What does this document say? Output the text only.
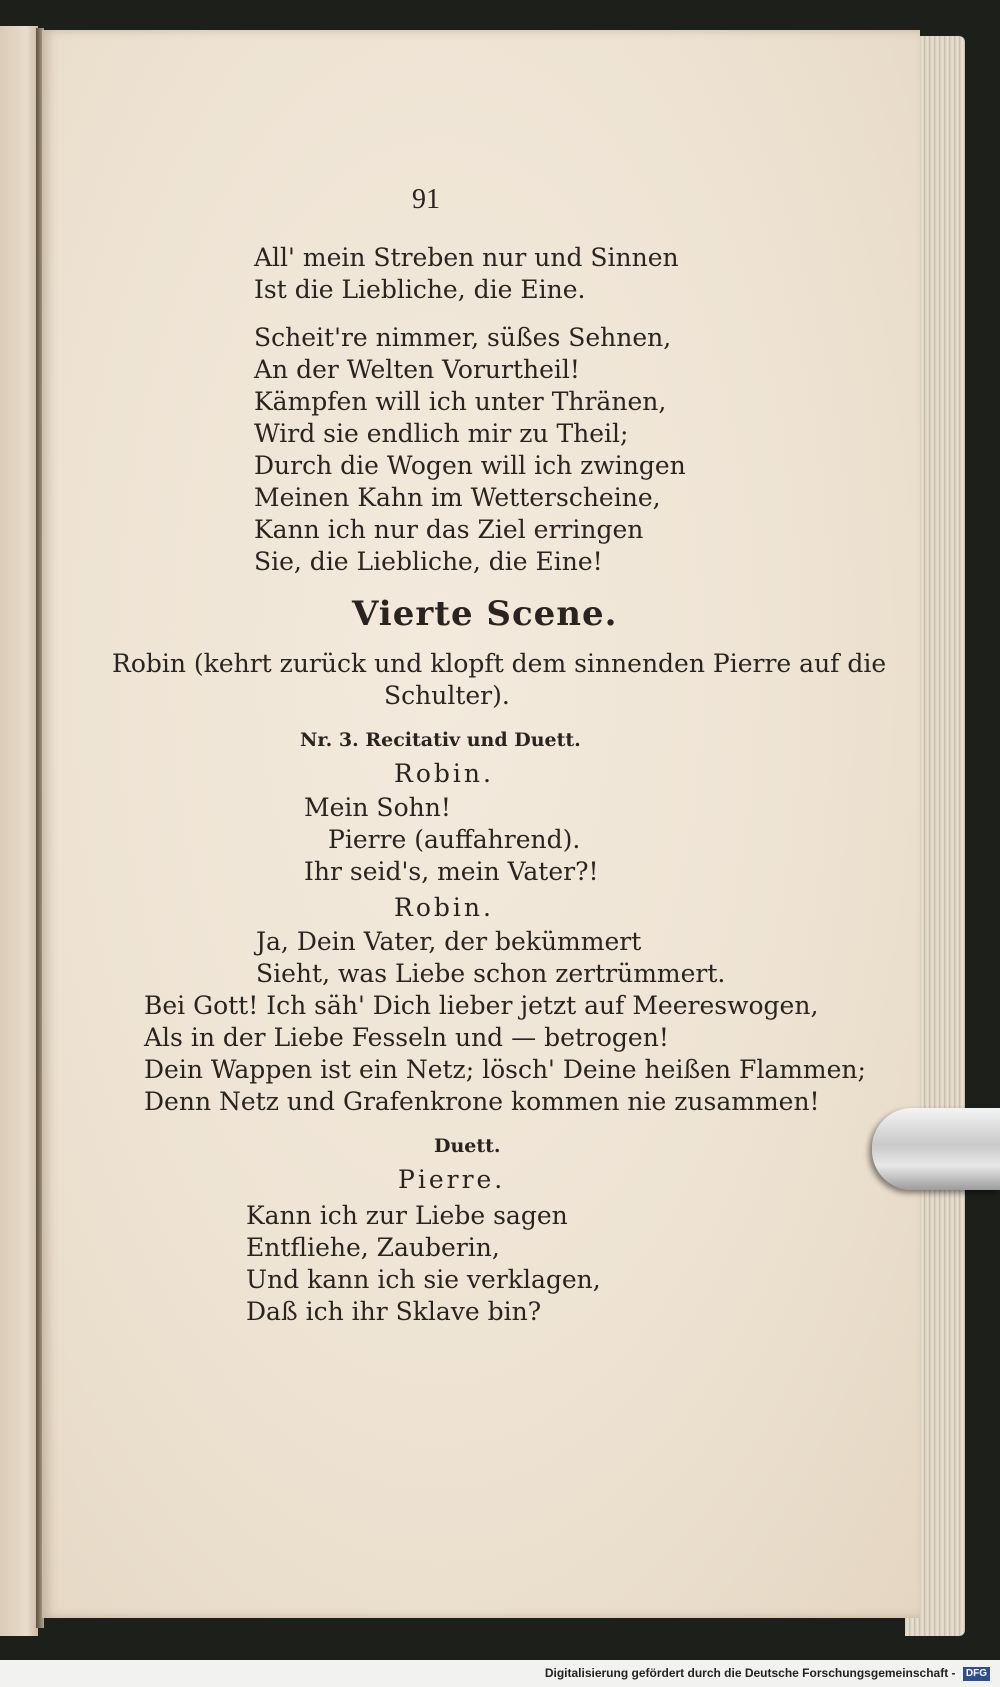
91
All' mein Streben nur und Sinnen
Ist die Liebliche, die Eine.
Scheit're nimmer, süßes Sehnen,
An der Welten Vorurtheil!
Kämpfen will ich unter Thränen,
Wird sie endlich mir zu Theil;
Durch die Wogen will ich zwingen
Meinen Kahn im Wetterscheine,
Kann ich nur das Ziel erringen
Sie, die Liebliche, die Eine!
Vierte Scene.
Robin (kehrt zurück und klopft dem sinnenden Pierre auf die
Schulter).
Nr. 3. Recitativ und Duett.
Robin.
Mein Sohn!
Pierre (auffahrend).
Ihr seid's, mein Vater?!
Robin.
Ja, Dein Vater, der bekümmert
Sieht, was Liebe schon zertrümmert.
Bei Gott! Ich säh' Dich lieber jetzt auf Meereswogen,
Als in der Liebe Fesseln und — betrogen!
Dein Wappen ist ein Netz; lösch' Deine heißen Flammen;
Denn Netz und Grafenkrone kommen nie zusammen!
Duett.
Pierre.
Kann ich zur Liebe sagen
Entfliehe, Zauberin,
Und kann ich sie verklagen,
Daß ich ihr Sklave bin?
Digitalisierung gefördert durch die Deutsche Forschungsgemeinschaft - DFG
